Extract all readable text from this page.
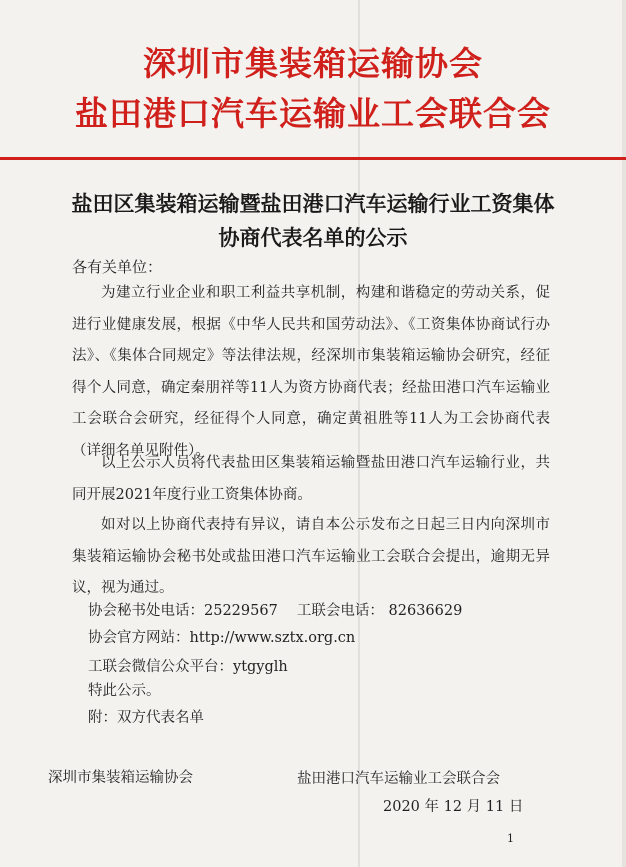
深圳市集装箱运输协会
盐田港口汽车运输业工会联合会
盐田区集装箱运输暨盐田港口汽车运输行业工资集体
协商代表名单的公示
各有关单位：
为建立行业企业和职工利益共享机制，构建和谐稳定的劳动关系，促进行业健康发展，根据《中华人民共和国劳动法》、《工资集体协商试行办法》、《集体合同规定》等法律法规，经深圳市集装箱运输协会研究，经征得个人同意，确定秦朋祥等11人为资方协商代表；经盐田港口汽车运输业工会联合会研究，经征得个人同意，确定黄祖胜等11人为工会协商代表（详细名单见附件）。
以上公示人员将代表盐田区集装箱运输暨盐田港口汽车运输行业，共同开展2021年度行业工资集体协商。
如对以上协商代表持有异议，请自本公示发布之日起三日内向深圳市集装箱运输协会秘书处或盐田港口汽车运输业工会联合会提出，逾期无异议，视为通过。
协会秘书处电话：25229567　 工联会电话： 82636629
协会官方网站：http://www.sztx.org.cn
工联会微信公众平台：ytgyglh
特此公示。
附：双方代表名单
深圳市集装箱运输协会	盐田港口汽车运输业工会联合会
2020 年 12 月 11 日
1
